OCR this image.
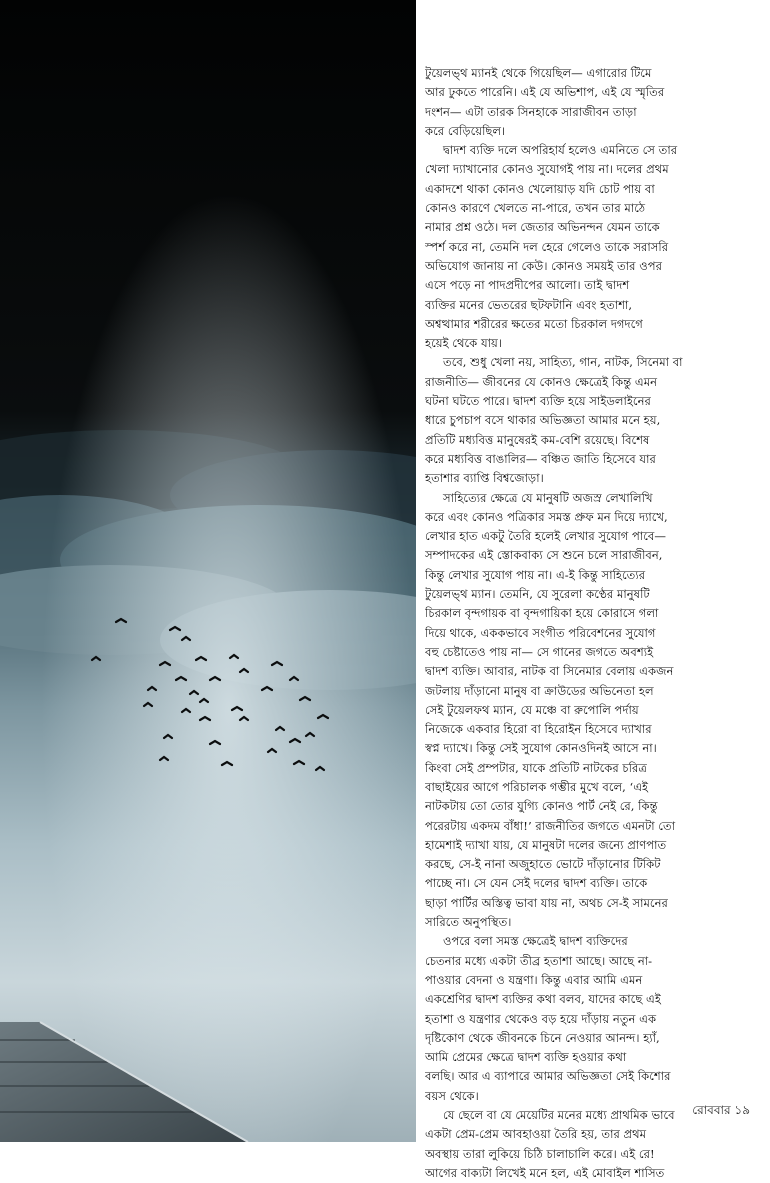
টুয়েলভ্থ ম্যানই থেকে গিয়েছিল— এগারোর টিমে
আর ঢুকতে পারেনি। এই যে অভিশাপ, এই যে স্মৃতির
দংশন— এটা তারক সিনহাকে সারাজীবন তাড়া
করে বেড়িয়েছিল।

দ্বাদশ ব্যক্তি দলে অপরিহার্য হলেও এমনিতে সে তার
খেলা দ্যাখানোর কোনও সুযোগই পায় না। দলের প্রথম
একাদশে থাকা কোনও খেলোয়াড় যদি চোট পায় বা
কোনও কারণে খেলতে না-পারে, তখন তার মাঠে
নামার প্রশ্ন ওঠে। দল জেতার অভিনন্দন যেমন তাকে
স্পর্শ করে না, তেমনি দল হেরে গেলেও তাকে সরাসরি
অভিযোগ জানায় না কেউ। কোনও সময়ই তার ওপর
এসে পড়ে না পাদপ্রদীপের আলো। তাই দ্বাদশ
ব্যক্তির মনের ভেতরের ছটফটানি এবং হতাশা,
অশ্বত্থামার শরীরের ক্ষতের মতো চিরকাল দগদগে
হয়েই থেকে যায়।

তবে, শুধু খেলা নয়, সাহিত্য, গান, নাটক, সিনেমা বা
রাজনীতি— জীবনের যে কোনও ক্ষেত্রেই কিন্তু এমন
ঘটনা ঘটতে পারে। দ্বাদশ ব্যক্তি হয়ে সাইডলাইনের
ধারে চুপচাপ বসে থাকার অভিজ্ঞতা আমার মনে হয়,
প্রতিটি মধ্যবিত্ত মানুষেরই কম-বেশি রয়েছে। বিশেষ
করে মধ্যবিত্ত বাঙালির— বঞ্চিত জাতি হিসেবে যার
হতাশার ব্যাপ্তি বিশ্বজোড়া।

সাহিত্যের ক্ষেত্রে যে মানুষটি অজস্র লেখালিখি
করে এবং কোনও পত্রিকার সমস্ত প্রুফ মন দিয়ে দ্যাখে,
লেখার হাত একটু তৈরি হলেই লেখার সুযোগ পাবে—
সম্পাদকের এই স্তোকবাক্য সে শুনে চলে সারাজীবন,
কিন্তু লেখার সুযোগ পায় না। এ-ই কিন্তু সাহিত্যের
টুয়েলভ্থ ম্যান। তেমনি, যে সুরেলা কণ্ঠের মানুষটি
চিরকাল বৃন্দগায়ক বা বৃন্দগায়িকা হয়ে কোরাসে গলা
দিয়ে থাকে, এককভাবে সংগীত পরিবেশনের সুযোগ
বহু চেষ্টাতেও পায় না— সে গানের জগতে অবশ্যই
দ্বাদশ ব্যক্তি। আবার, নাটক বা সিনেমার বেলায় একজন
জটলায় দাঁড়ানো মানুষ বা ক্রাউডের অভিনেতা হল
সেই টুয়েলফথ ম্যান, যে মঞ্চে বা রুপোলি পর্দায়
নিজেকে একবার হিরো বা হিরোইন হিসেবে দ্যাখার
স্বপ্ন দ্যাখে। কিন্তু সেই সুযোগ কোনওদিনই আসে না।
কিংবা সেই প্রম্পটার, যাকে প্রতিটি নাটকের চরিত্র
বাছাইয়ের আগে পরিচালক গম্ভীর মুখে বলে, ‘এই
নাটকটায় তো তোর যুগ্যি কোনও পার্ট নেই রে, কিন্তু
পরেরটায় একদম বাঁধা!’ রাজনীতির জগতে এমনটা তো
হামেশাই দ্যাখা যায়, যে মানুষটা দলের জন্যে প্রাণপাত
করছে, সে-ই নানা অজুহাতে ভোটে দাঁড়ানোর টিকিট
পাচ্ছে না। সে যেন সেই দলের দ্বাদশ ব্যক্তি। তাকে
ছাড়া পার্টির অস্তিত্ব ভাবা যায় না, অথচ সে-ই সামনের
সারিতে অনুপস্থিত।

ওপরে বলা সমস্ত ক্ষেত্রেই দ্বাদশ ব্যক্তিদের
চেতনার মধ্যে একটা তীব্র হতাশা আছে। আছে না-
পাওয়ার বেদনা ও যন্ত্রণা। কিন্তু এবার আমি এমন
একশ্রেণির দ্বাদশ ব্যক্তির কথা বলব, যাদের কাছে এই
হতাশা ও যন্ত্রণার থেকেও বড় হয়ে দাঁড়ায় নতুন এক
দৃষ্টিকোণ থেকে জীবনকে চিনে নেওয়ার আনন্দ। হ্যাঁ,
আমি প্রেমের ক্ষেত্রে দ্বাদশ ব্যক্তি হওয়ার কথা
বলছি। আর এ ব্যাপারে আমার অভিজ্ঞতা সেই কিশোর
বয়স থেকে।

যে ছেলে বা যে মেয়েটির মনের মধ্যে প্রাথমিক ভাবে
একটা প্রেম-প্রেম আবহাওয়া তৈরি হয়, তার প্রথম
অবস্থায় তারা লুকিয়ে চিঠি চালাচালি করে। এই রে!
আগের বাক্যটা লিখেই মনে হল, এই মোবাইল শাসিত

রোববার ১৯
